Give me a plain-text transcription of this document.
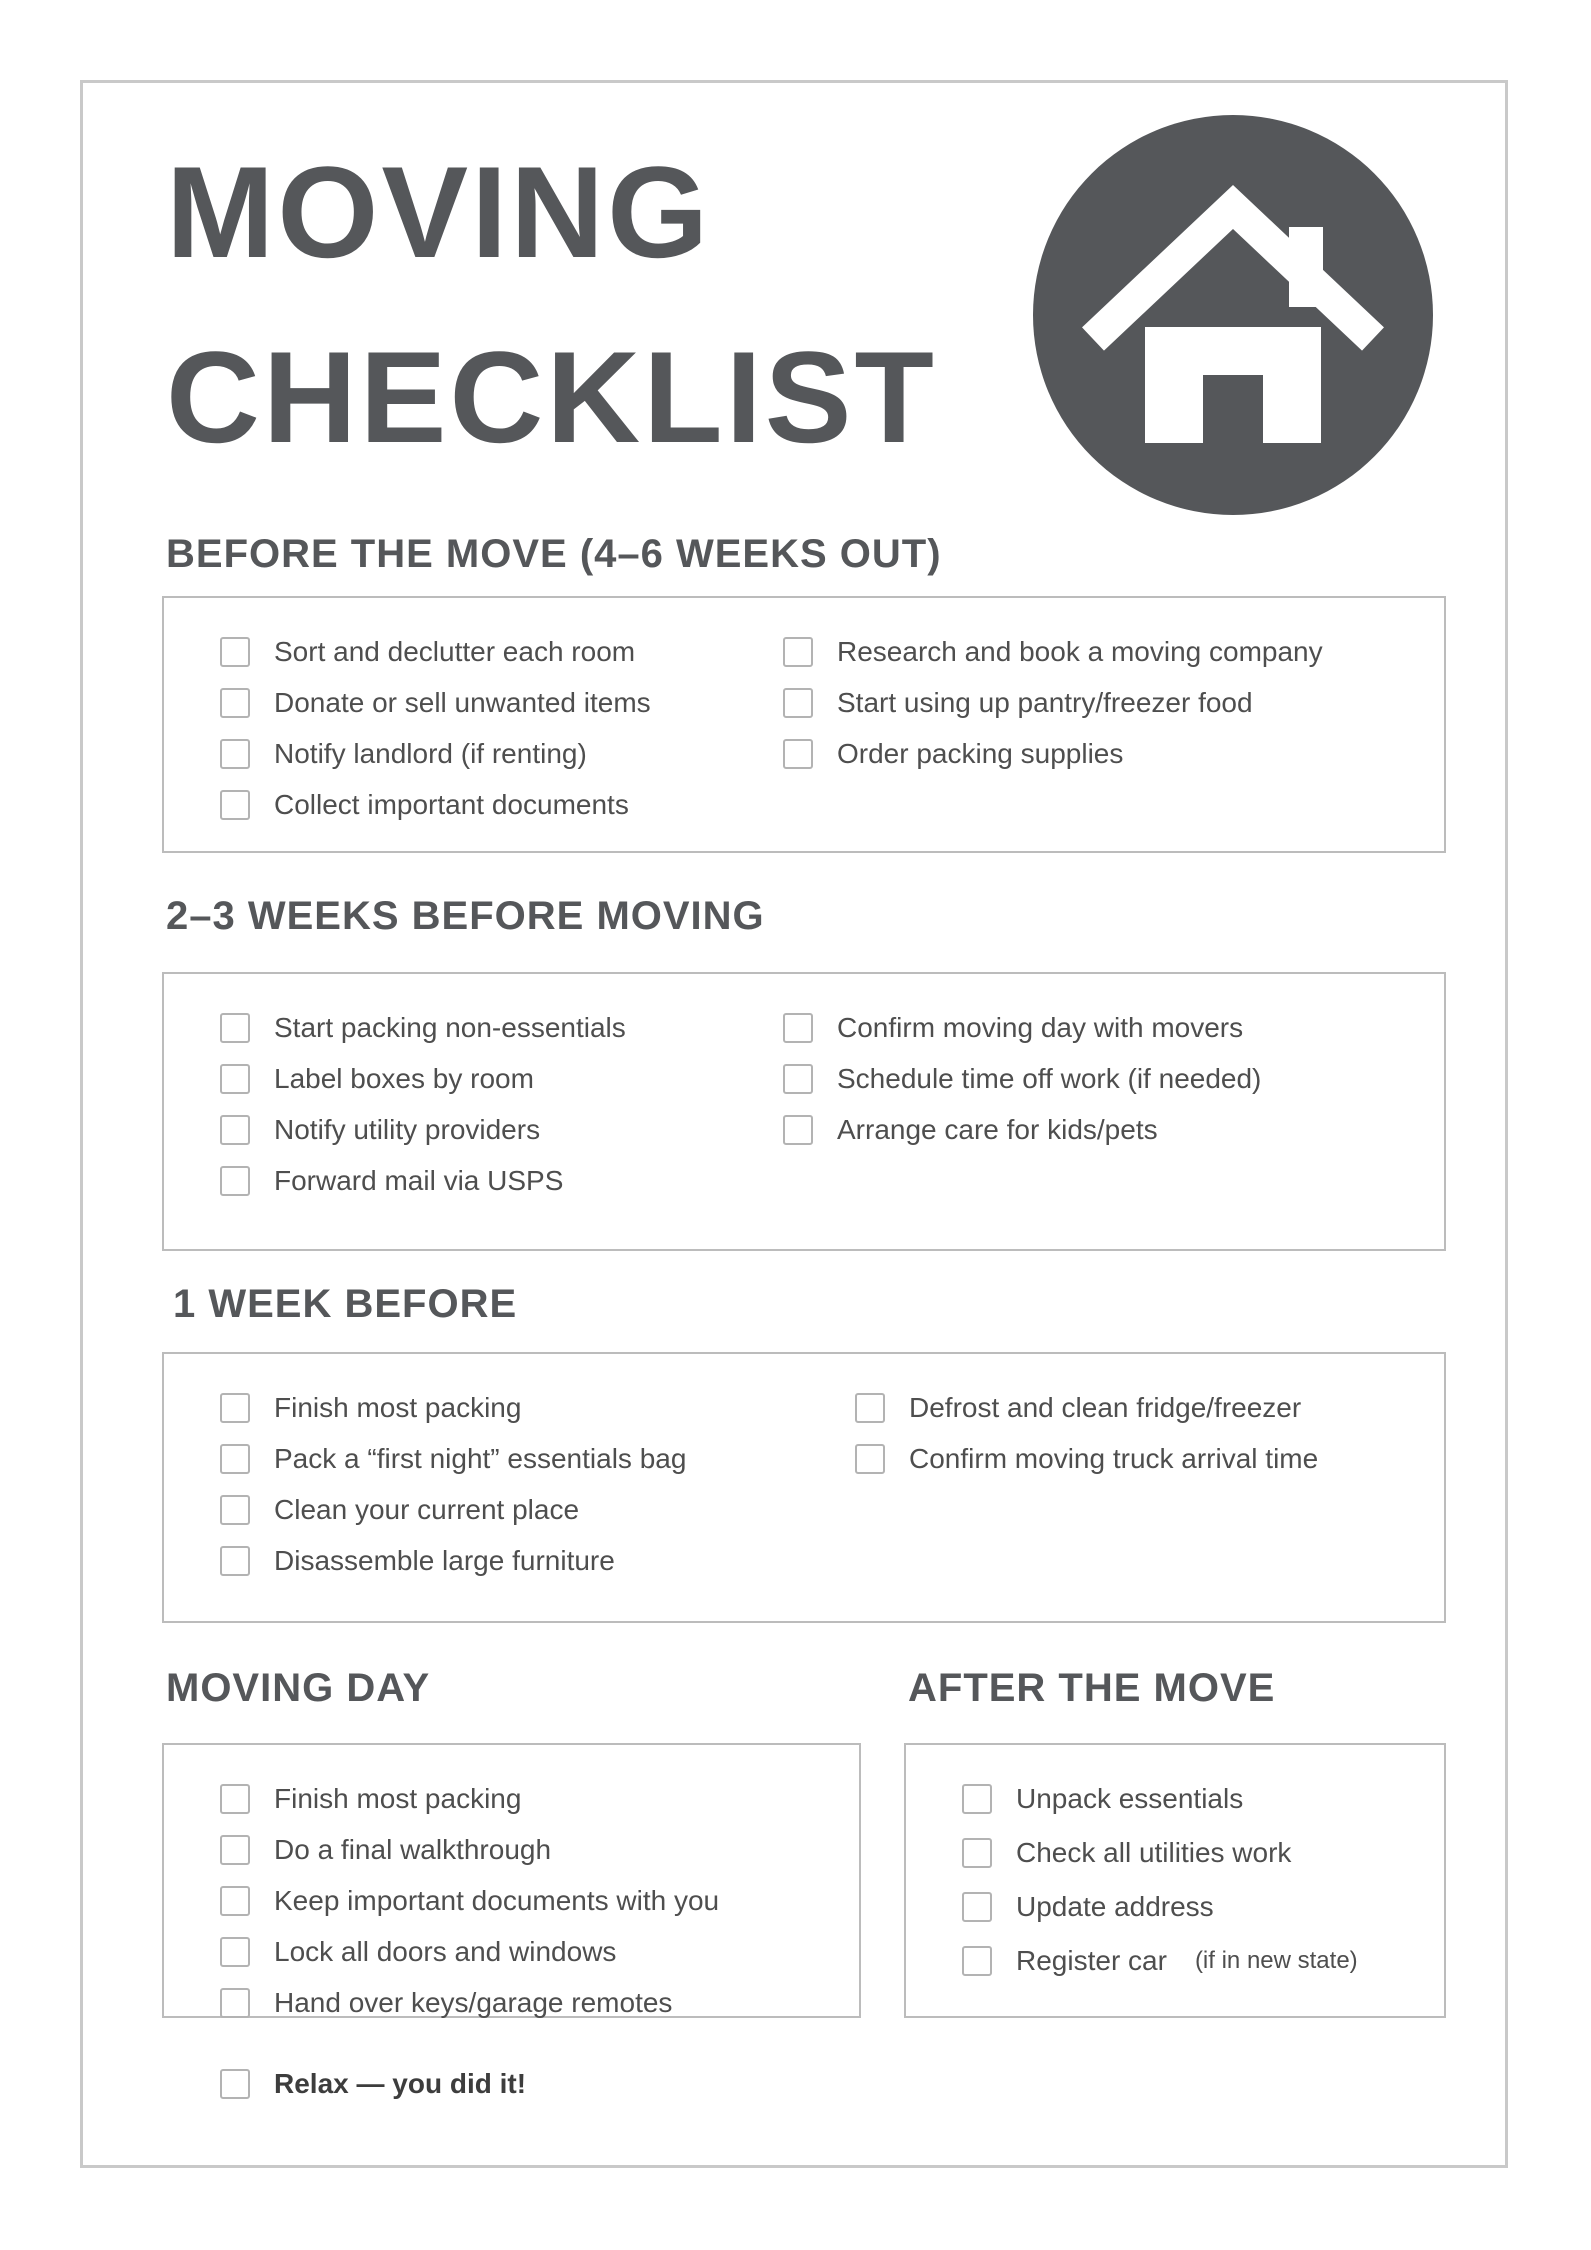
MOVING
CHECKLIST
BEFORE THE MOVE (4–6 WEEKS OUT)
Sort and declutter each room
Donate or sell unwanted items
Notify landlord (if renting)
Collect important documents
Research and book a moving company
Start using up pantry/freezer food
Order packing supplies
2–3 WEEKS BEFORE MOVING
Start packing non-essentials
Label boxes by room
Notify utility providers
Forward mail via USPS
Confirm moving day with movers
Schedule time off work (if needed)
Arrange care for kids/pets
1 WEEK BEFORE
Finish most packing
Pack a “first night” essentials bag
Clean your current place
Disassemble large furniture
Defrost and clean fridge/freezer
Confirm moving truck arrival time
MOVING DAY
Finish most packing
Do a final walkthrough
Keep important documents with you
Lock all doors and windows
Hand over keys/garage remotes
AFTER THE MOVE
Unpack essentials
Check all utilities work
Update address
Register car (if in new state)
Relax — you did it!
